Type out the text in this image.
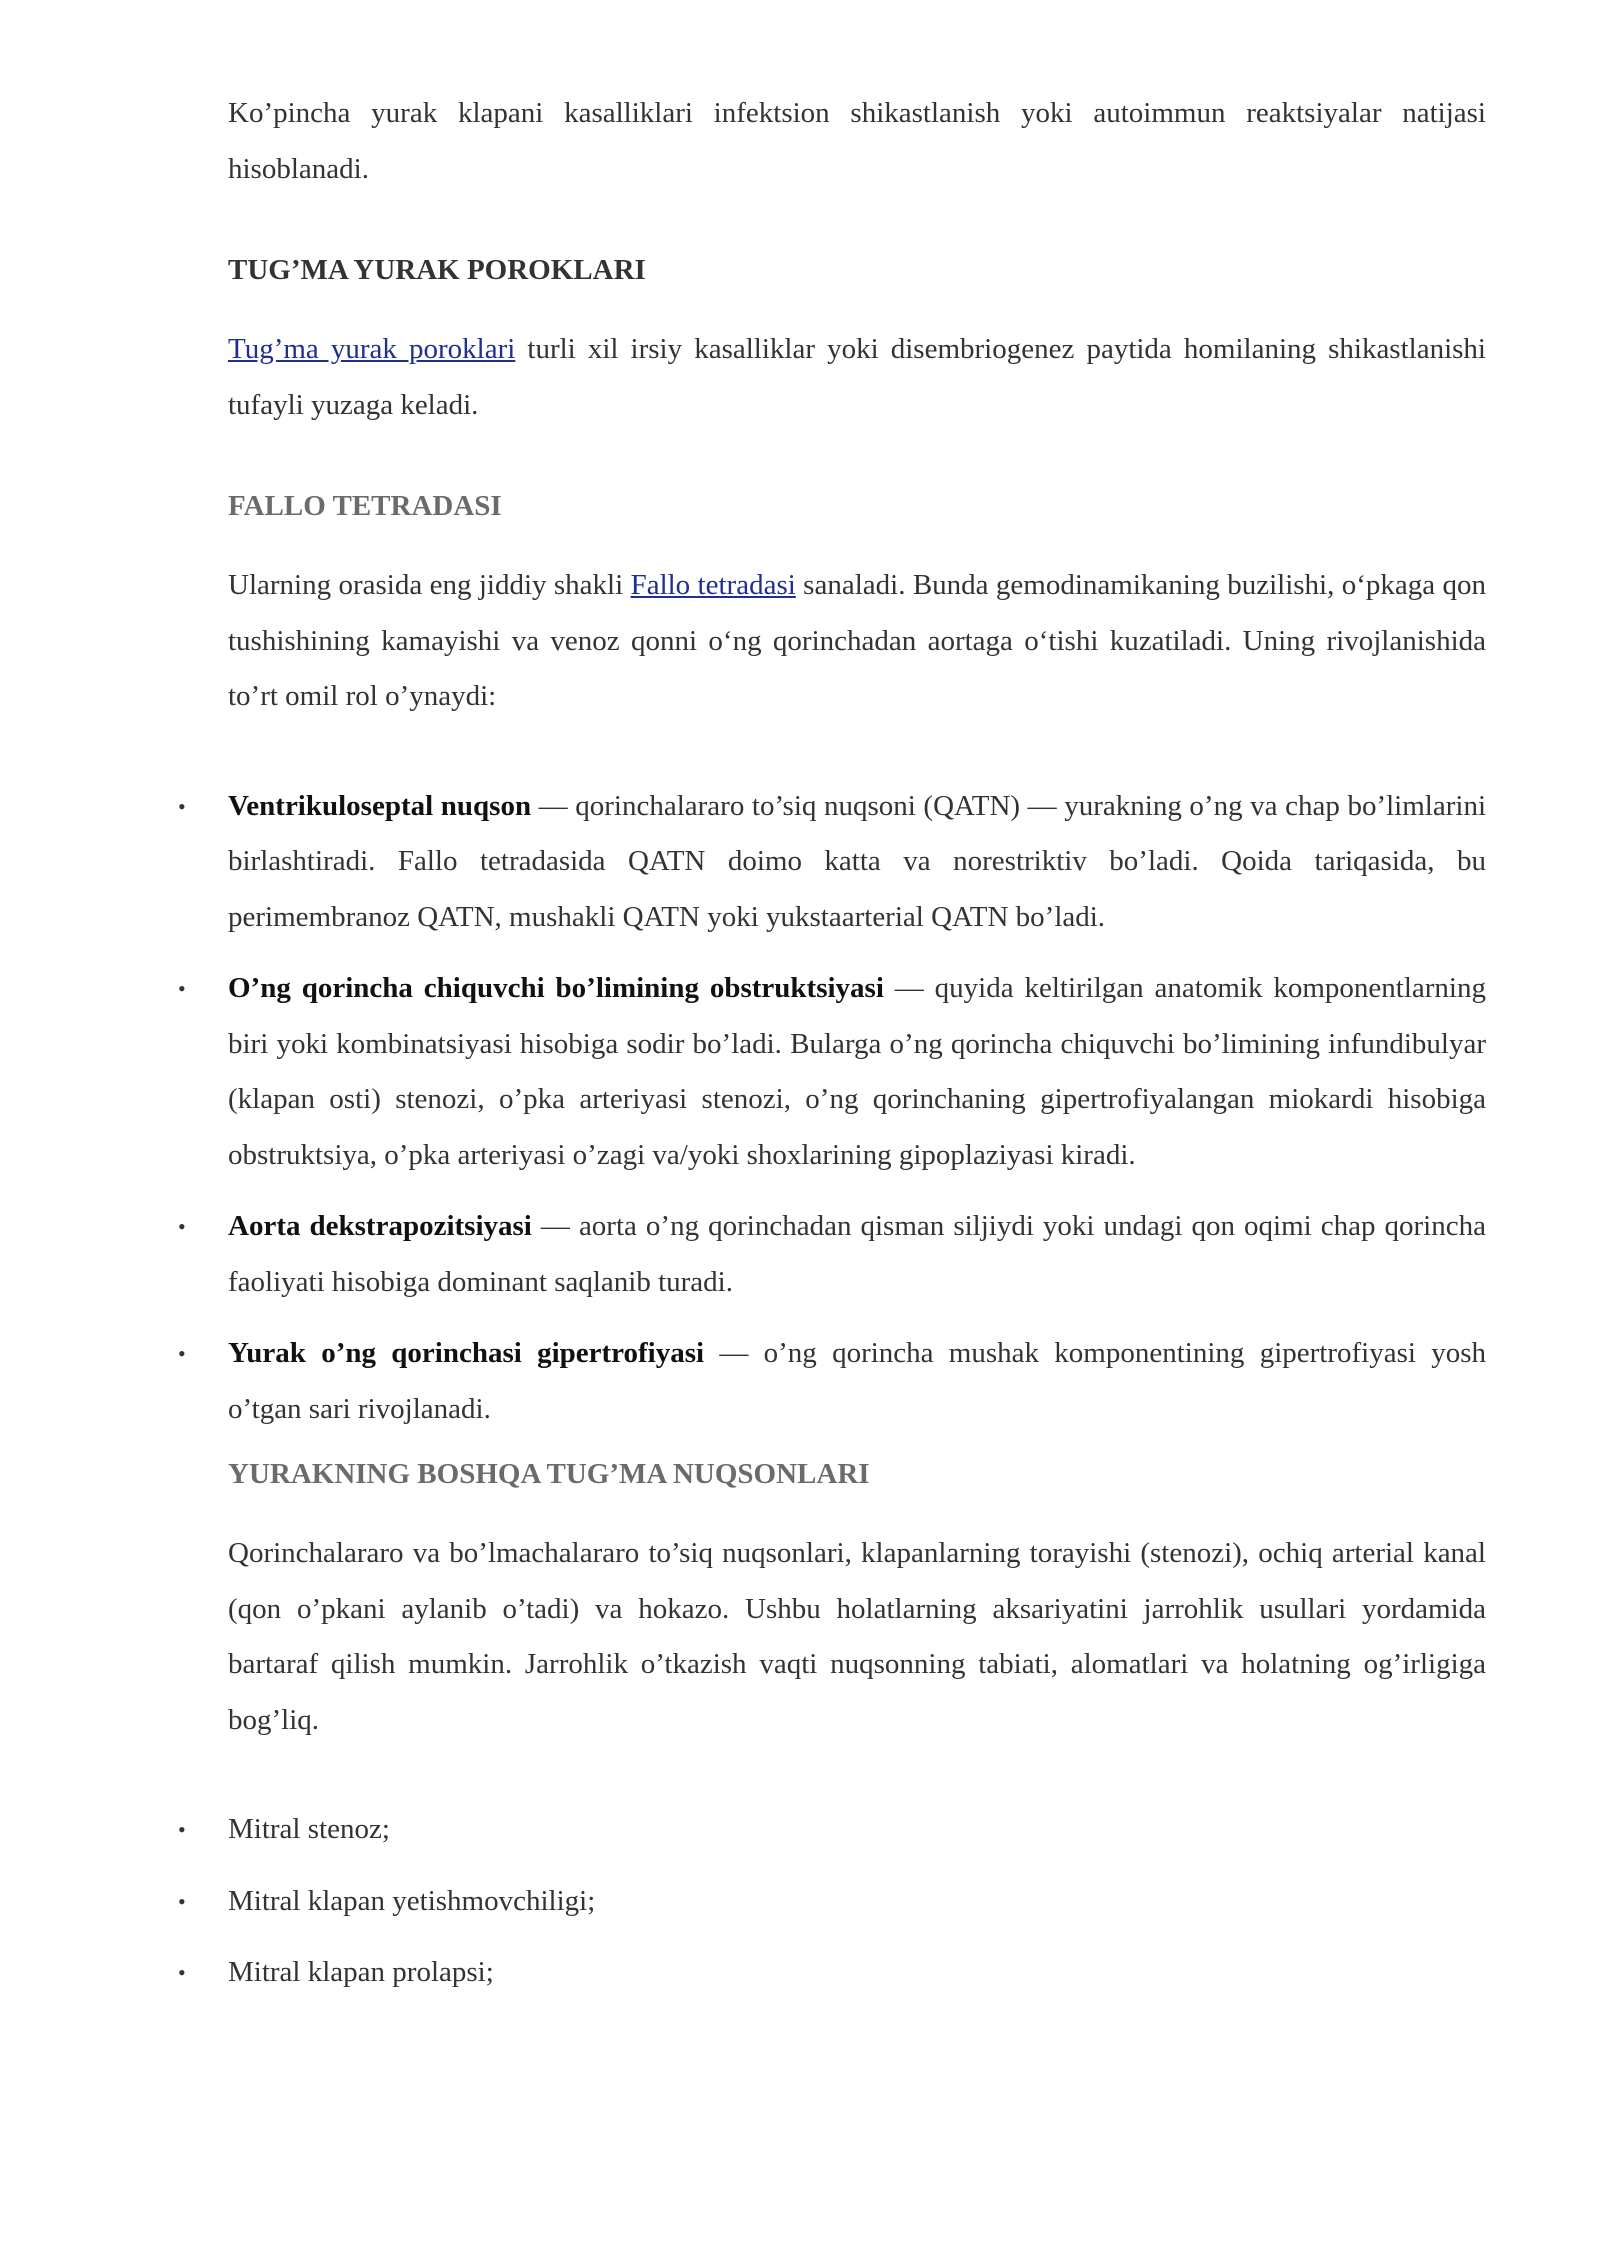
Ko’pincha yurak klapani kasalliklari infektsion shikastlanish yoki autoimmun reaktsiyalar natijasi hisoblanadi.

TUG’MA YURAK POROKLARI

Tug’ma yurak poroklari turli xil irsiy kasalliklar yoki disembriogenez paytida homilaning shikastlanishi tufayli yuzaga keladi.

FALLO TETRADASI

Ularning orasida eng jiddiy shakli Fallo tetradasi sanaladi. Bunda gemodinamikaning buzilishi, o‘pkaga qon tushishining kamayishi va venoz qonni o‘ng qorinchadan aortaga o‘tishi kuzatiladi. Uning rivojlanishida to’rt omil rol o’ynaydi:

• Ventrikuloseptal nuqson — qorinchalararo to’siq nuqsoni (QATN) — yurakning o’ng va chap bo’limlarini birlashtiradi. Fallo tetradasida QATN doimo katta va norestriktiv bo’ladi. Qoida tariqasida, bu perimembranoz QATN, mushakli QATN yoki yukstaarterial QATN bo’ladi.
• O’ng qorincha chiquvchi bo’limining obstruktsiyasi — quyida keltirilgan anatomik komponentlarning biri yoki kombinatsiyasi hisobiga sodir bo’ladi. Bularga o’ng qorincha chiquvchi bo’limining infundibulyar (klapan osti) stenozi, o’pka arteriyasi stenozi, o’ng qorinchaning gipertrofiyalangan miokardi hisobiga obstruktsiya, o’pka arteriyasi o’zagi va/yoki shoxlarining gipoplaziyasi kiradi.
• Aorta dekstrapozitsiyasi — aorta o’ng qorinchadan qisman siljiydi yoki undagi qon oqimi chap qorincha faoliyati hisobiga dominant saqlanib turadi.
• Yurak o’ng qorinchasi gipertrofiyasi — o’ng qorincha mushak komponentining gipertrofiyasi yosh o’tgan sari rivojlanadi.
YURAKNING BOSHQA TUG’MA NUQSONLARI

Qorinchalararo va bo’lmachalararo to’siq nuqsonlari, klapanlarning torayishi (stenozi), ochiq arterial kanal (qon o’pkani aylanib o’tadi) va hokazo. Ushbu holatlarning aksariyatini jarrohlik usullari yordamida bartaraf qilish mumkin. Jarrohlik o’tkazish vaqti nuqsonning tabiati, alomatlari va holatning og’irligiga bog’liq.

• Mitral stenoz;
• Mitral klapan yetishmovchiligi;
• Mitral klapan prolapsi;
